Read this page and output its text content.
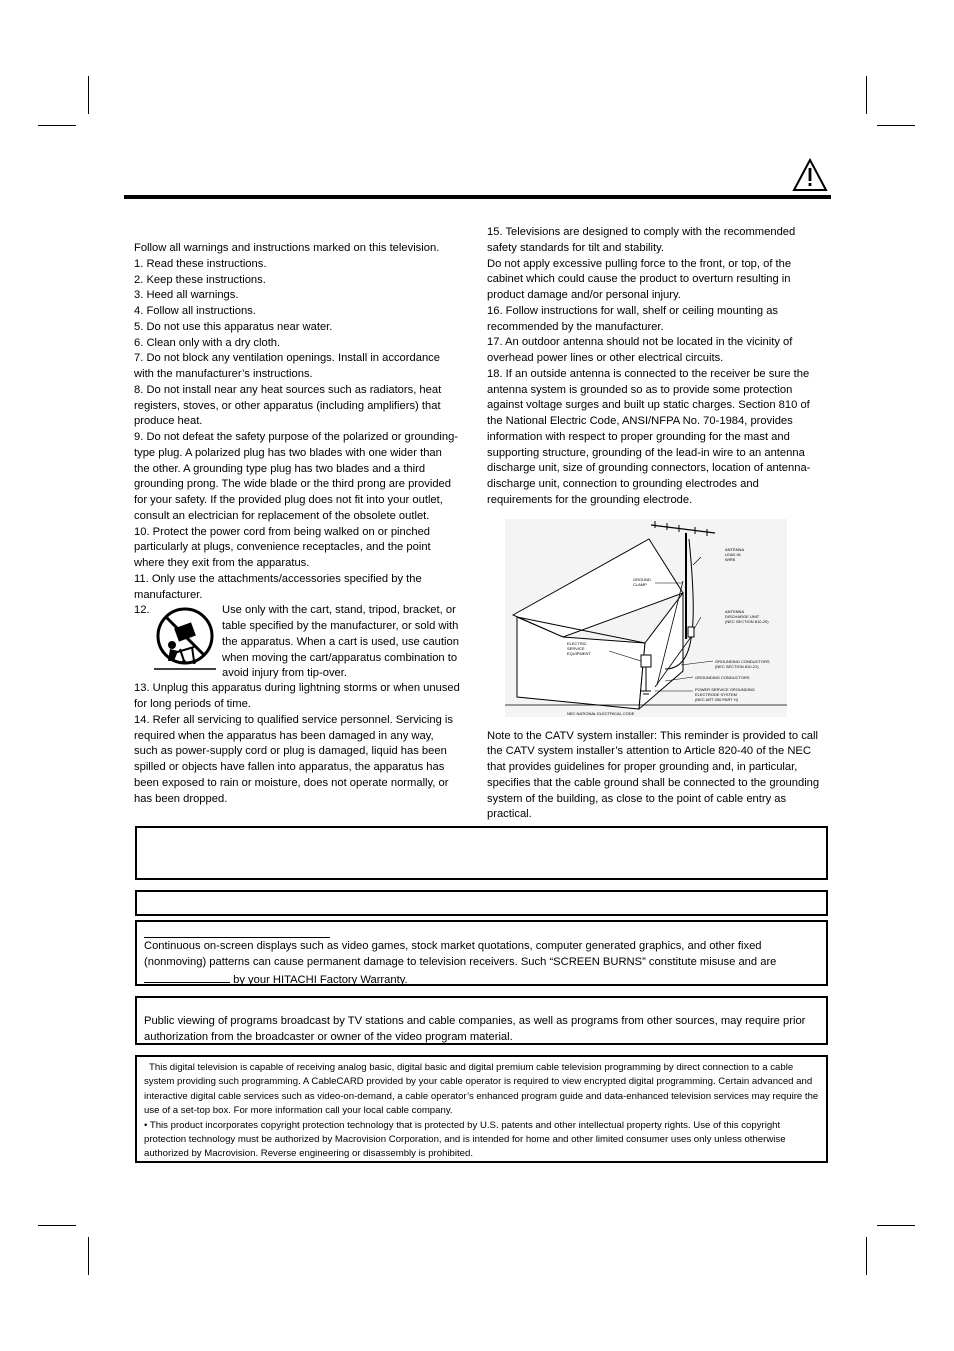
Follow all warnings and instructions marked on this television.

1. Read these instructions.

2. Keep these instructions.

3. Heed all warnings.

4. Follow all instructions.

5. Do not use this apparatus near water.

6. Clean only with a dry cloth.

7. Do not block any ventilation openings. Install in accordance with the manufacturer’s instructions.

8. Do not install near any heat sources such as radiators, heat registers, stoves, or other apparatus (including amplifiers) that produce heat.

9. Do not defeat the safety purpose of the polarized or grounding-type plug. A polarized plug has two blades with one wider than the other. A grounding type plug has two blades and a third grounding prong. The wide blade or the third prong are provided for your safety. If the provided plug does not fit into your outlet, consult an electrician for replacement of the obsolete outlet.

10. Protect the power cord from being walked on or pinched particularly at plugs, convenience receptacles, and the point where they exit from the apparatus.

11. Only use the attachments/accessories specified by the manufacturer.

12.	Use only with the cart, stand, tripod, bracket, or table specified by the manufacturer, or sold with the apparatus. When a cart is used, use caution when moving the cart/apparatus combination to avoid injury from tip-over.

13. Unplug this apparatus during lightning storms or when unused for long periods of time.

14. Refer all servicing to qualified service personnel. Servicing is required when the apparatus has been damaged in any way, such as power-supply cord or plug is damaged, liquid has been spilled or objects have fallen into apparatus, the apparatus has been exposed to rain or moisture, does not operate normally, or has been dropped.

15. Televisions are designed to comply with the recommended safety standards for tilt and stability.

Do not apply excessive pulling force to the front, or top, of the cabinet which could cause the product to overturn resulting in product damage and/or personal injury.

16. Follow instructions for wall, shelf or ceiling mounting as recommended by the manufacturer.

17. An outdoor antenna should not be located in the vicinity of overhead power lines or other electrical circuits.

18. If an outside antenna is connected to the receiver be sure the antenna system is grounded so as to provide some protection against voltage surges and built up static charges. Section 810 of the National Electric Code, ANSI/NFPA No. 70-1984, provides information with respect to proper grounding for the mast and supporting structure, grounding of the lead-in wire to an antenna discharge unit, size of grounding connectors, location of antenna-discharge unit, connection to grounding electrodes and requirements for the grounding electrode.

ANTENNA LEAD IN WIRE
GROUND CLAMP
ANTENNA DISCHARGE UNIT (NEC SECTION 810-20)
ELECTRIC SERVICE EQUIPMENT
GROUNDING CONDUCTORS (NEC SECTION 810-21)
GROUNDING CONDUCTORS
POWER SERVICE GROUNDING ELECTRODE SYSTEM (NEC ART 250 PART H)
NEC NATIONAL ELECTRICAL CODE

Note to the CATV system installer: This reminder is provided to call the CATV system installer’s attention to Article 820-40 of the NEC that provides guidelines for proper grounding and, in particular, specifies that the cable ground shall be connected to the grounding system of the building, as close to the point of cable entry as practical.

Continuous on-screen displays such as video games, stock market quotations, computer generated graphics, and other fixed (nonmoving) patterns can cause permanent damage to television receivers. Such “SCREEN BURNS” constitute misuse and are
by your HITACHI Factory Warranty.
Public viewing of programs broadcast by TV stations and cable companies, as well as programs from other sources, may require prior authorization from the broadcaster or owner of the video program material.
This digital television is capable of receiving analog basic, digital basic and digital premium cable television programming by direct connection to a cable system providing such programming. A CableCARD provided by your cable operator is required to view encrypted digital programming. Certain advanced and interactive digital cable services such as video-on-demand, a cable operator’s enhanced program guide and data-enhanced television services may require the use of a set-top box. For more information call your local cable company.
• This product incorporates copyright protection technology that is protected by U.S. patents and other intellectual property rights. Use of this copyright protection technology must be authorized by Macrovision Corporation, and is intended for home and other limited consumer uses only unless otherwise authorized by Macrovision. Reverse engineering or disassembly is prohibited.
